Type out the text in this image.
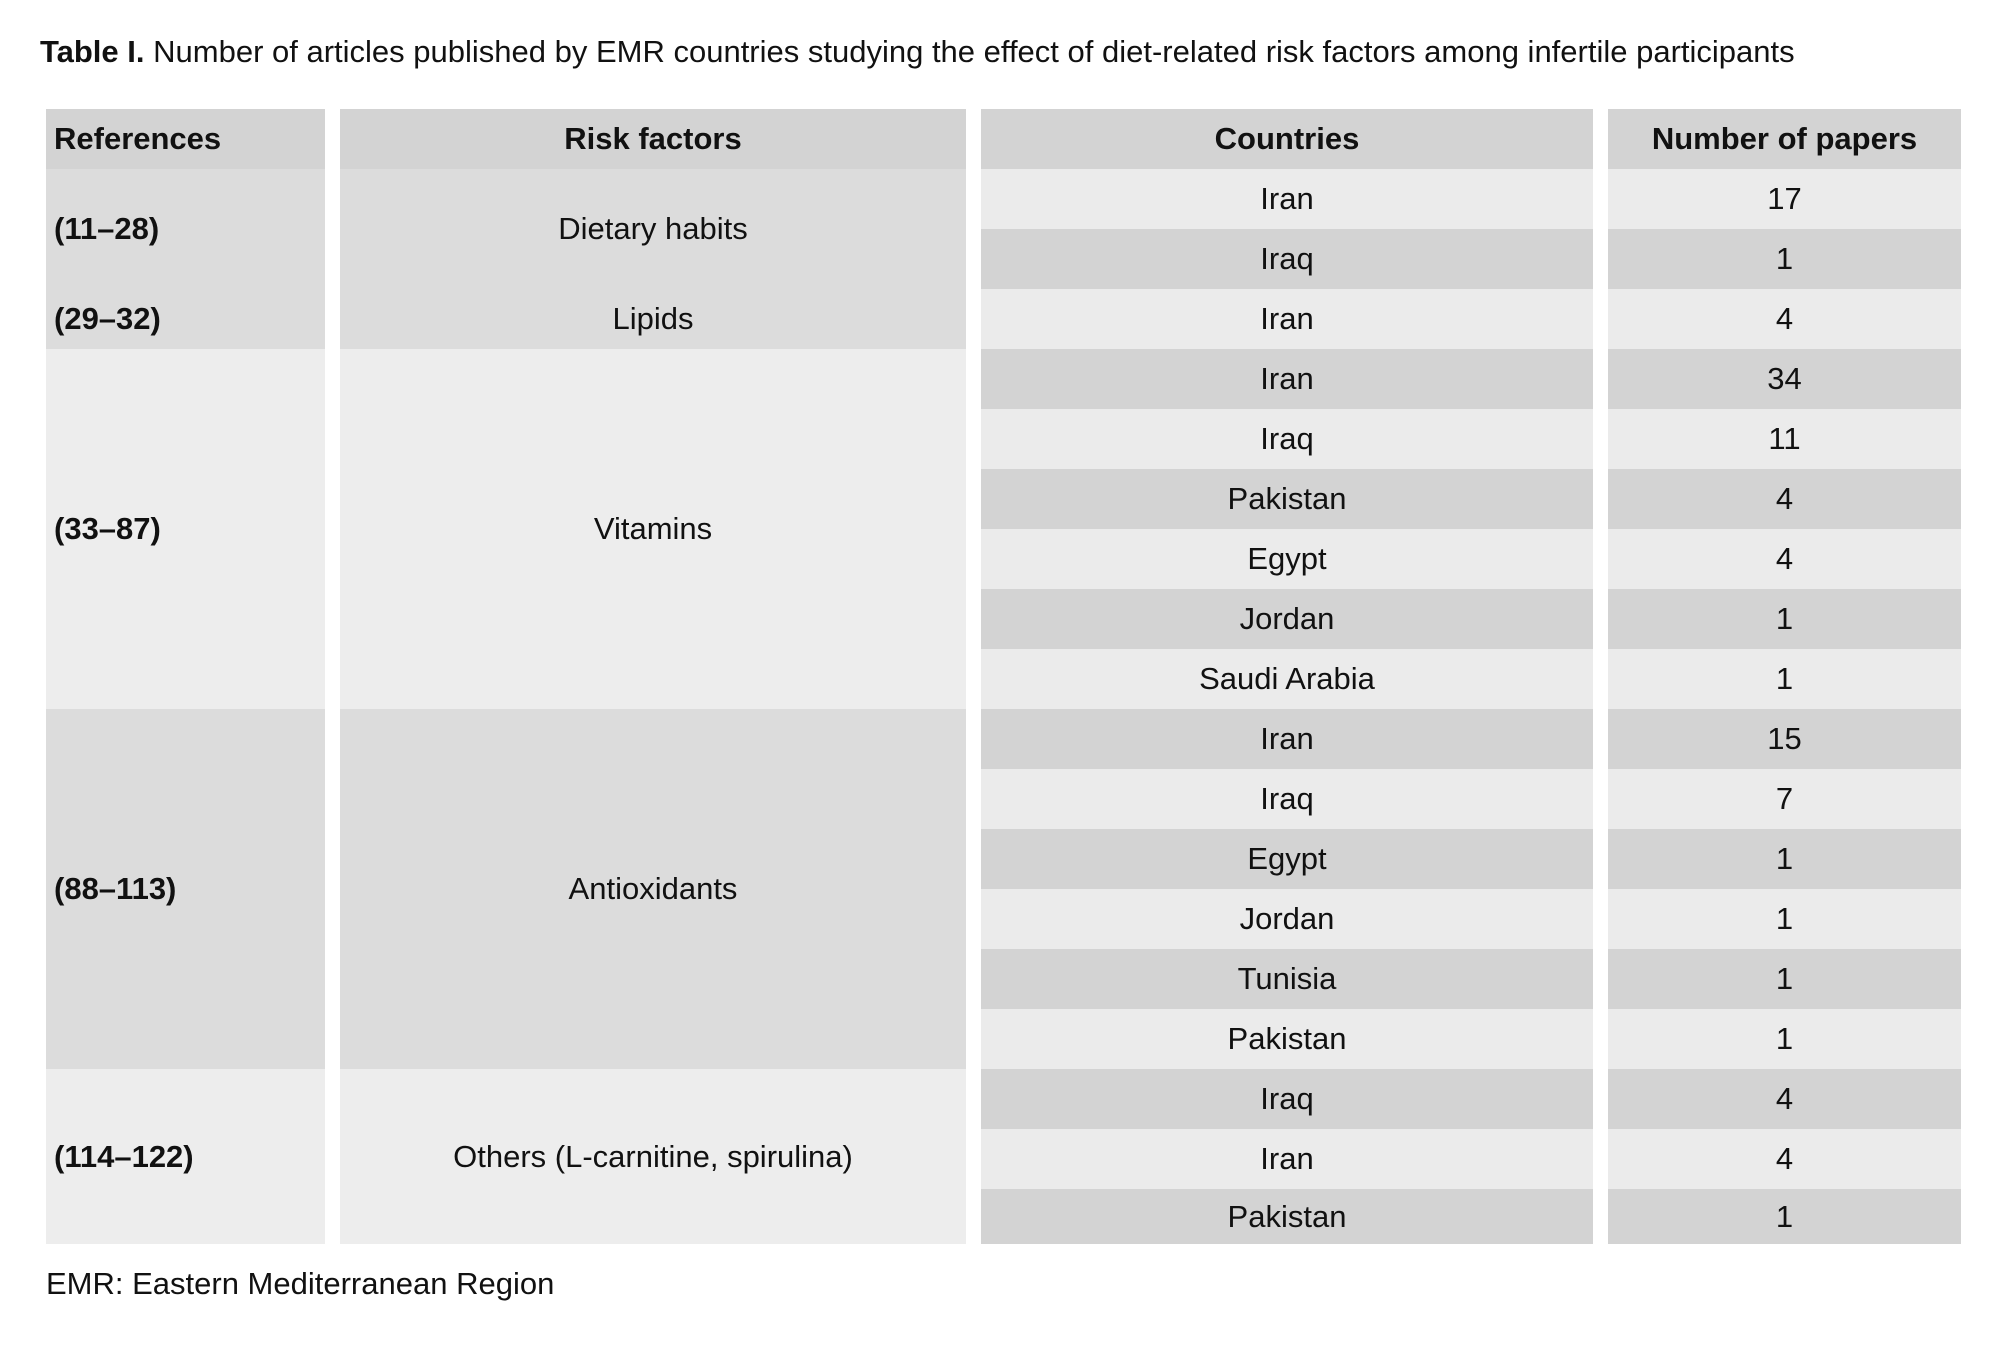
Table I. Number of articles published by EMR countries studying the effect of diet-related risk factors among infertile participants
References
(11–28)
(29–32)
(33–87)
(88–113)
(114–122)
Risk factors
Dietary habits
Lipids
Vitamins
Antioxidants
Others (L-carnitine, spirulina)
Countries
Iran
Iraq
Iran
Iran
Iraq
Pakistan
Egypt
Jordan
Saudi Arabia
Iran
Iraq
Egypt
Jordan
Tunisia
Pakistan
Iraq
Iran
Pakistan
Number of papers
17
1
4
34
11
4
4
1
1
15
7
1
1
1
1
4
4
1
EMR: Eastern Mediterranean Region
